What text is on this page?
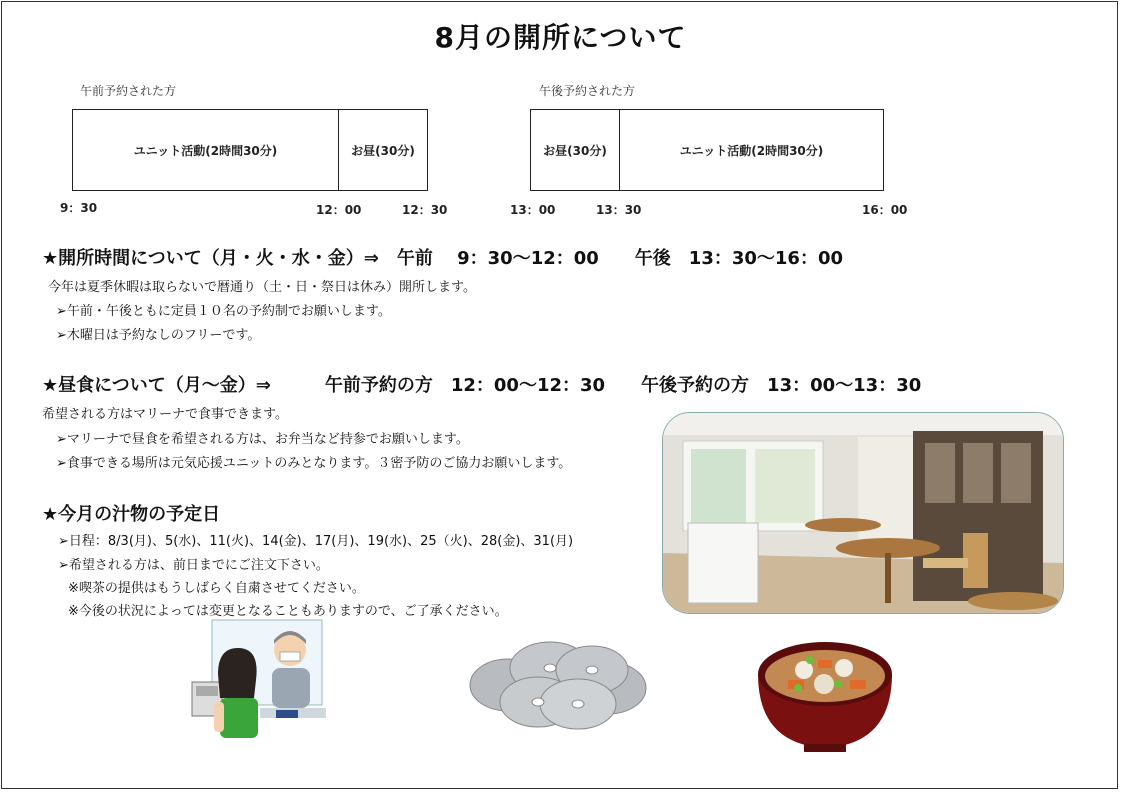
8月の開所について
午前予約された方
ユニット活動(2時間30分)	お昼(30分)
9：30	12：00	12：30
午後予約された方
お昼(30分)	ユニット活動(2時間30分)
13：00	13：30	16：00
★開所時間について（月・火・水・金）⇒　午前　 9：30〜12：00　　午後　13：30〜16：00
今年は夏季休暇は取らないで暦通り（土・日・祭日は休み）開所します。
➢午前・午後ともに定員１０名の予約制でお願いします。
➢木曜日は予約なしのフリーです。
★昼食について（月〜金）⇒　　　午前予約の方　12：00〜12：30　　午後予約の方　13：00〜13：30
希望される方はマリーナで食事できます。
➢マリーナで昼食を希望される方は、お弁当など持参でお願いします。
➢食事できる場所は元気応援ユニットのみとなります。３密予防のご協力お願いします。
★今月の汁物の予定日
➢日程：8/3(月)、5(水)、11(火)、14(金)、17(月)、19(水)、25（火)、28(金)、31(月)
➢希望される方は、前日までにご注文下さい。
※喫茶の提供はもうしばらく自粛させてください。
※今後の状況によっては変更となることもありますので、ご了承ください。
